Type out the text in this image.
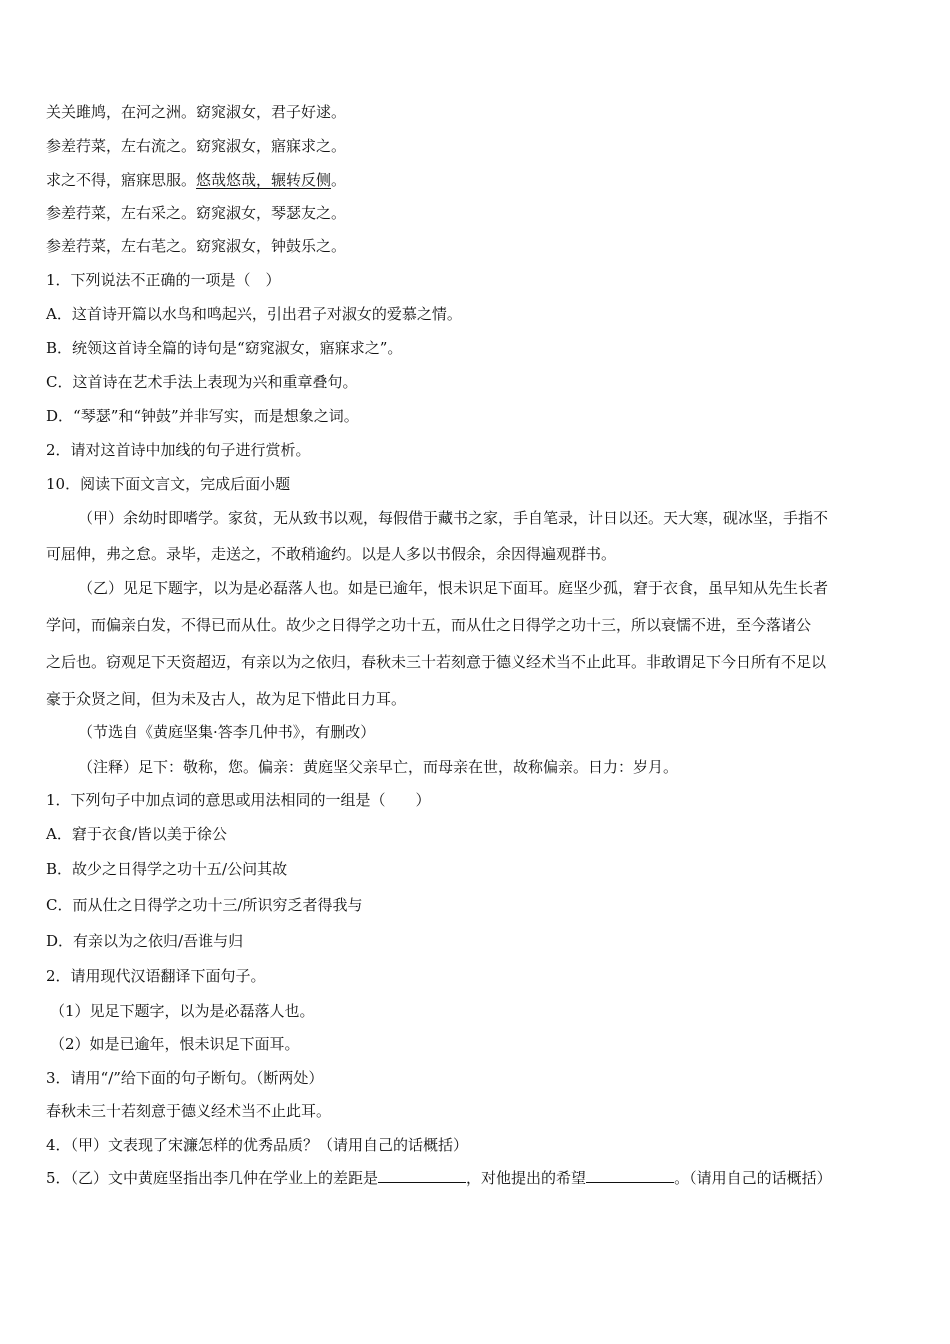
关关雎鸠，在河之洲。窈窕淑女，君子好逑。
参差荇菜，左右流之。窈窕淑女，寤寐求之。
求之不得，寤寐思服。悠哉悠哉，辗转反侧。
参差荇菜，左右采之。窈窕淑女，琴瑟友之。
参差荇菜，左右芼之。窈窕淑女，钟鼓乐之。
1．下列说法不正确的一项是（　）
A．这首诗开篇以水鸟和鸣起兴，引出君子对淑女的爱慕之情。
B．统领这首诗全篇的诗句是“窈窕淑女，寤寐求之”。
C．这首诗在艺术手法上表现为兴和重章叠句。
D．“琴瑟”和“钟鼓”并非写实，而是想象之词。
2．请对这首诗中加线的句子进行赏析。
10．阅读下面文言文，完成后面小题
（甲）余幼时即嗜学。家贫，无从致书以观，每假借于藏书之家，手自笔录，计日以还。天大寒，砚冰坚，手指不
可屈伸，弗之怠。录毕，走送之，不敢稍逾约。以是人多以书假余，余因得遍观群书。
（乙）见足下题字，以为是必磊落人也。如是已逾年，恨未识足下面耳。庭坚少孤，窘于衣食，虽早知从先生长者
学问，而偏亲白发，不得已而从仕。故少之日得学之功十五，而从仕之日得学之功十三，所以衰懦不进，至今落诸公
之后也。窃观足下天资超迈，有亲以为之依归，春秋未三十若刻意于德义经术当不止此耳。非敢谓足下今日所有不足以
豪于众贤之间，但为未及古人，故为足下惜此日力耳。
（节选自《黄庭坚集·答李几仲书》，有删改）
（注释）足下：敬称，您。偏亲：黄庭坚父亲早亡，而母亲在世，故称偏亲。日力：岁月。
1．下列句子中加点词的意思或用法相同的一组是（　　）
A．窘于衣食/皆以美于徐公
B．故少之日得学之功十五/公问其故
C．而从仕之日得学之功十三/所识穷乏者得我与
D．有亲以为之依归/吾谁与归
2．请用现代汉语翻译下面句子。
（1）见足下题字，以为是必磊落人也。
（2）如是已逾年，恨未识足下面耳。
3．请用“/”给下面的句子断句。（断两处）
春秋未三十若刻意于德义经术当不止此耳。
4．（甲）文表现了宋濂怎样的优秀品质？（请用自己的话概括）
5．（乙）文中黄庭坚指出李几仲在学业上的差距是	，对他提出的希望	。（请用自己的话概括）
